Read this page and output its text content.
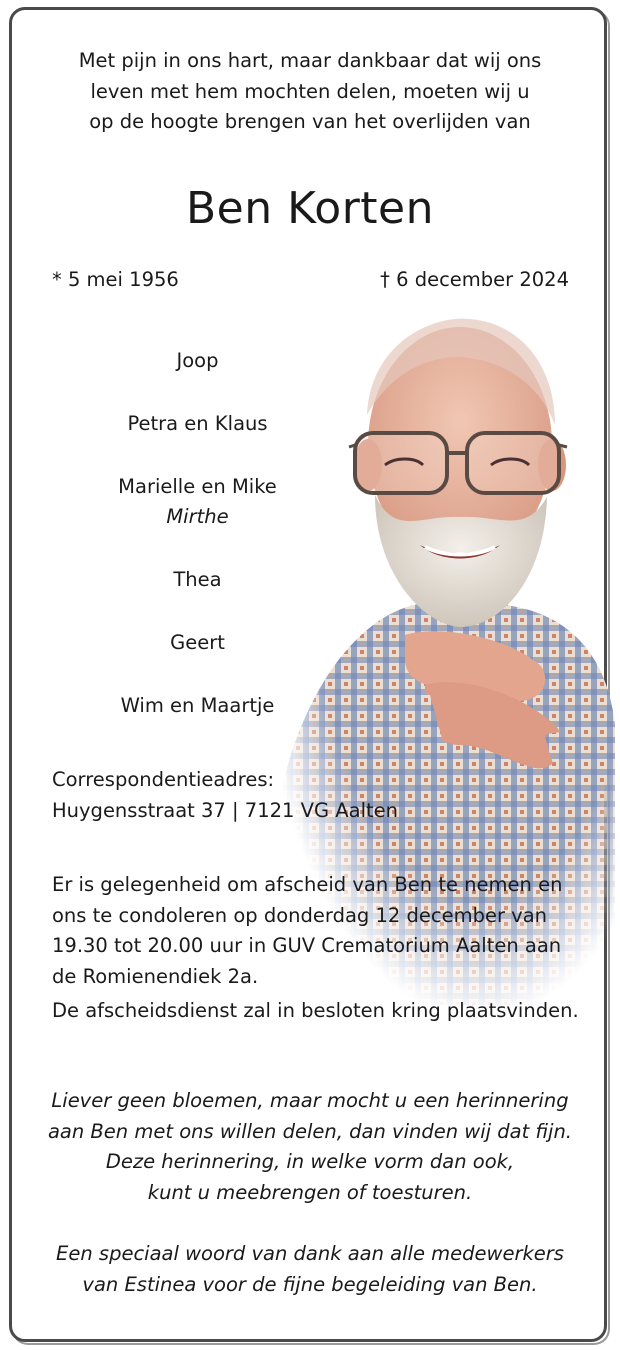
Met pijn in ons hart, maar dankbaar dat wij ons
leven met hem mochten delen, moeten wij u
op de hoogte brengen van het overlijden van
Ben Korten
* 5 mei 1956	† 6 december 2024
Joop
Petra en Klaus
Marielle en Mike
Mirthe
Thea
Geert
Wim en Maartje
Correspondentieadres:
Huygensstraat 37 | 7121 VG Aalten
Er is gelegenheid om afscheid van Ben te nemen en
ons te condoleren op donderdag 12 december van
19.30 tot 20.00 uur in GUV Crematorium Aalten aan
de Romienendiek 2a.
De afscheidsdienst zal in besloten kring plaatsvinden.
Liever geen bloemen, maar mocht u een herinnering
aan Ben met ons willen delen, dan vinden wij dat fijn.
Deze herinnering, in welke vorm dan ook,
kunt u meebrengen of toesturen.
Een speciaal woord van dank aan alle medewerkers
van Estinea voor de fijne begeleiding van Ben.
